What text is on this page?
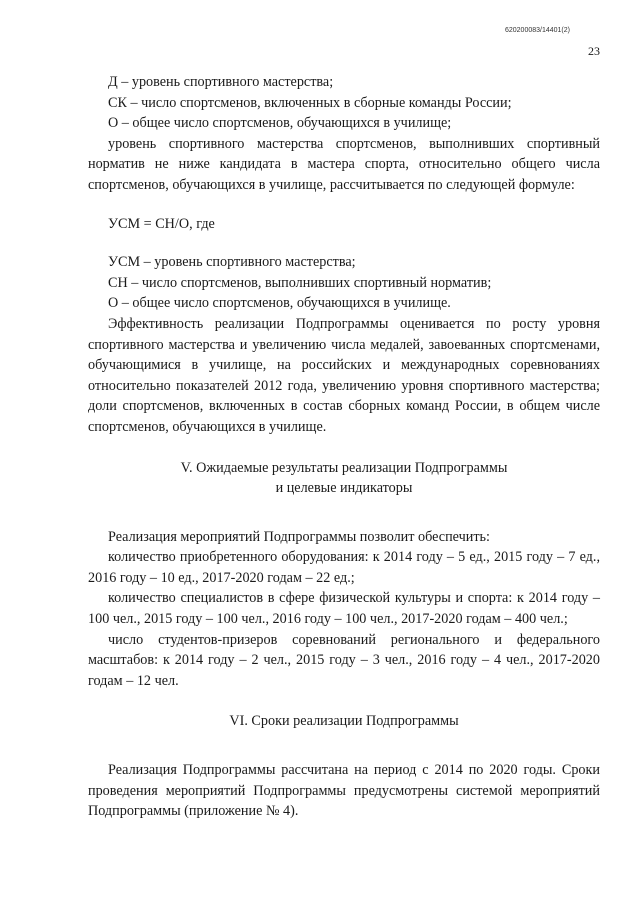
620200083/14401(2)
23

Д – уровень спортивного мастерства;

СК – число спортсменов, включенных в сборные команды России;

О – общее число спортсменов, обучающихся в училище;

уровень спортивного мастерства спортсменов, выполнивших спортивный норматив не ниже кандидата в мастера спорта, относительно общего числа спортсменов, обучающихся в училище, рассчитывается по следующей формуле:

УСМ = СН/О, где

УСМ – уровень спортивного мастерства;

СН – число спортсменов, выполнивших спортивный норматив;

О – общее число спортсменов, обучающихся в училище.

Эффективность реализации Подпрограммы оценивается по росту уровня спортивного мастерства и увеличению числа медалей, завоеванных спортсменами, обучающимися в училище, на российских и международных соревнованиях относительно показателей 2012 года, увеличению уровня спортивного мастерства; доли спортсменов, включенных в состав сборных команд России, в общем числе спортсменов, обучающихся в училище.

V. Ожидаемые результаты реализации Подпрограммы
и целевые индикаторы

Реализация мероприятий Подпрограммы позволит обеспечить:

количество приобретенного оборудования: к 2014 году – 5 ед., 2015 году – 7 ед., 2016 году – 10 ед., 2017-2020 годам – 22 ед.;

количество специалистов в сфере физической культуры и спорта: к 2014 году – 100 чел., 2015 году – 100 чел., 2016 году – 100 чел., 2017-2020 годам – 400 чел.;

число студентов-призеров соревнований регионального и федерального масштабов: к 2014 году – 2 чел., 2015 году – 3 чел., 2016 году – 4 чел., 2017-2020 годам – 12 чел.

VI. Сроки реализации Подпрограммы

Реализация Подпрограммы рассчитана на период с 2014 по 2020 годы. Сроки проведения мероприятий Подпрограммы предусмотрены системой мероприятий Подпрограммы (приложение № 4).
